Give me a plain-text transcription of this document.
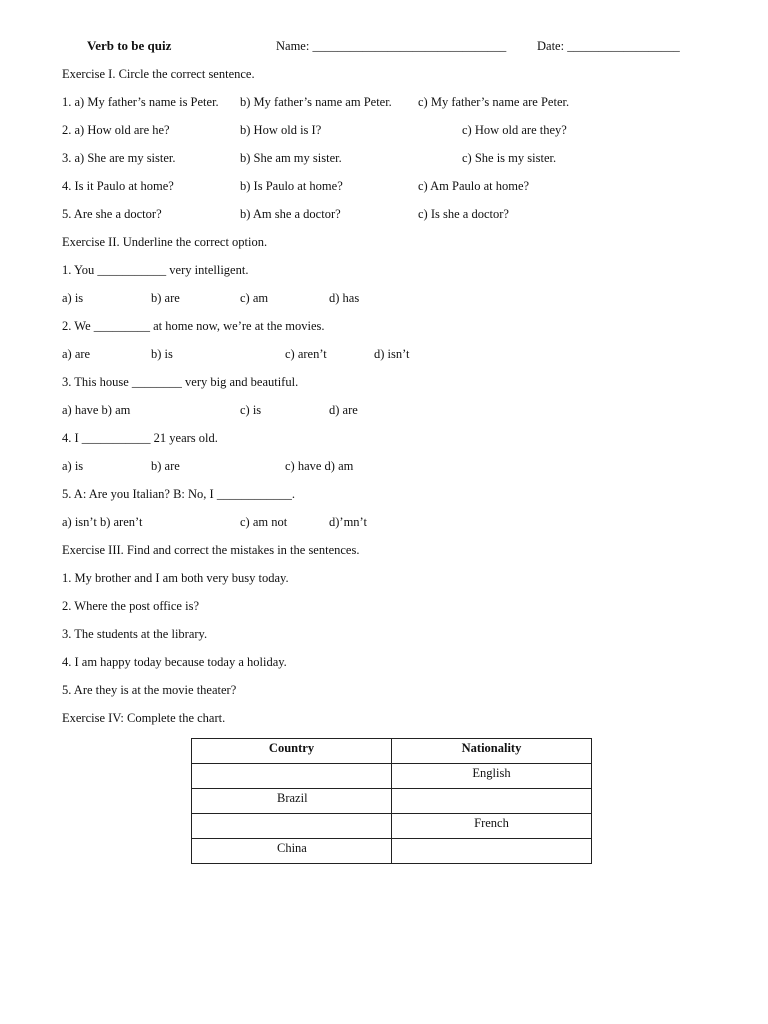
Verb to be quiz	Name: _______________________________ Date: __________________
Exercise I. Circle the correct sentence.
1. a) My father’s name is Peter. b) My father’s name am Peter. c) My father’s name are Peter.
2. a) How old are he?	b) How old is I?	c) How old are they?
3. a) She are my sister.	b) She am my sister.	c) She is my sister.
4. Is it Paulo at home?	b) Is Paulo at home?	c) Am Paulo at home?
5. Are she a doctor?	b) Am she a doctor?	c) Is she a doctor?
Exercise II. Underline the correct option.
1. You ___________ very intelligent.
a) is	b) are	c) am	d) has
2. We _________ at home now, we’re at the movies.
a) are	b) is	c) aren’t	d) isn’t
3. This house ________ very big and beautiful.
a) have b) am	c) is	d) are
4. I ___________ 21 years old.
a) is	b) are	c) have d) am
5. A: Are you Italian? B: No, I ____________.
a) isn’t b) aren’t	c) am not	d)’mn’t
Exercise III. Find and correct the mistakes in the sentences.
1. My brother and I am both very busy today.
2. Where the post office is?
3. The students at the library.
4. I am happy today because today a holiday.
5. Are they is at the movie theater?
Exercise IV: Complete the chart.
Country	Nationality
	English
Brazil	
	French
China	
